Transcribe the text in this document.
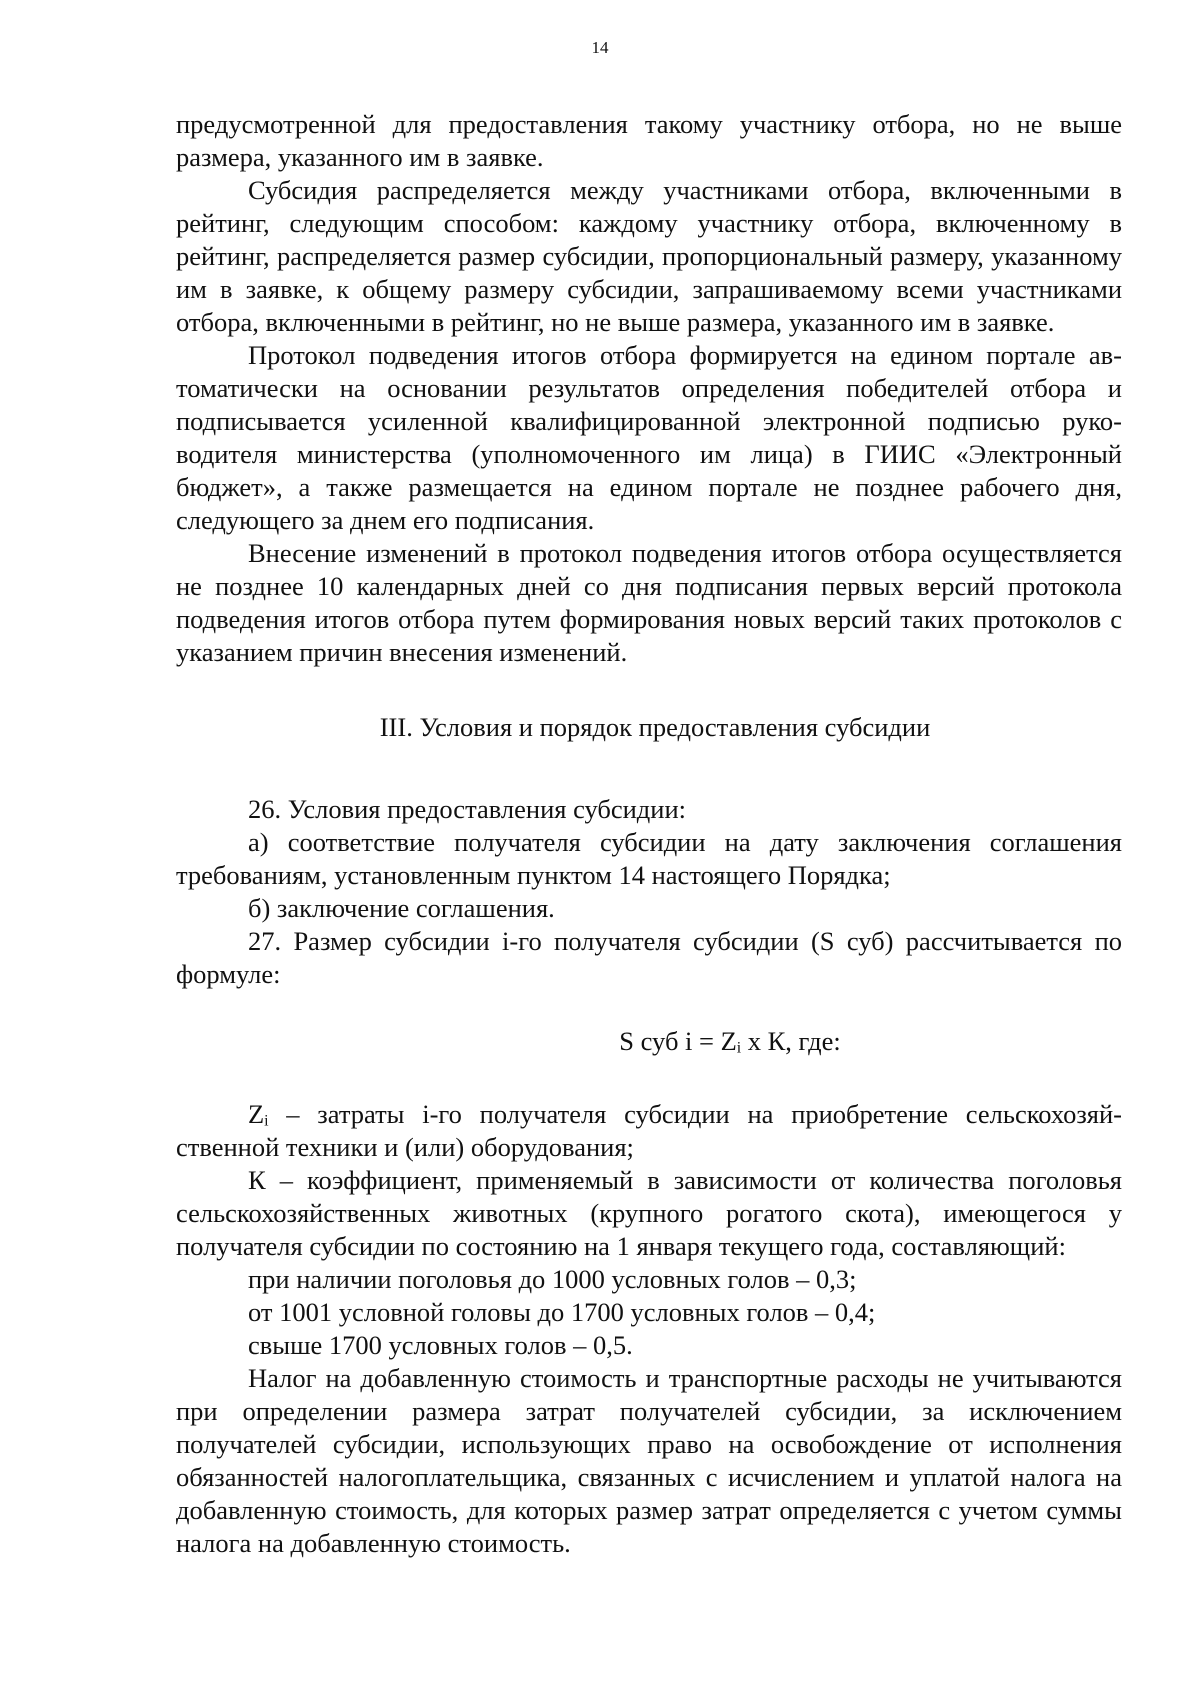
14

предусмотренной для предоставления такому участнику отбора, но не выше размера, указанного им в заявке.

Субсидия распределяется между участниками отбора, включенными в рейтинг, следующим способом: каждому участнику отбора, включенному в рейтинг, распределяется размер субсидии, пропорциональный размеру, указанному им в заявке, к общему размеру субсидии, запрашиваемому всеми участниками отбора, включенными в рейтинг, но не выше размера, указанного им в заявке.

Протокол подведения итогов отбора формируется на едином портале автоматически на основании результатов определения победителей отбора и подписывается усиленной квалифицированной электронной подписью руководителя министерства (уполномоченного им лица) в ГИИС «Электронный бюджет», а также размещается на едином портале не позднее рабочего дня, следующего за днем его подписания.

Внесение изменений в протокол подведения итогов отбора осуществляется не позднее 10 календарных дней со дня подписания первых версий протокола подведения итогов отбора путем формирования новых версий таких протоколов с указанием причин внесения изменений.

III. Условия и порядок предоставления субсидии

26. Условия предоставления субсидии:

а) соответствие получателя субсидии на дату заключения соглашения требованиям, установленным пунктом 14 настоящего Порядка;

б) заключение соглашения.

27. Размер субсидии i-го получателя субсидии (S суб) рассчитывается по формуле:

S суб i = Zᵢ x К, где:

Zᵢ – затраты i-го получателя субсидии на приобретение сельскохозяйственной техники и (или) оборудования;

К – коэффициент, применяемый в зависимости от количества поголовья сельскохозяйственных животных (крупного рогатого скота), имеющегося у получателя субсидии по состоянию на 1 января текущего года, составляющий:

при наличии поголовья до 1000 условных голов – 0,3;

от 1001 условной головы до 1700 условных голов – 0,4;

свыше 1700 условных голов – 0,5.

Налог на добавленную стоимость и транспортные расходы не учитываются при определении размера затрат получателей субсидии, за исключением получателей субсидии, использующих право на освобождение от исполнения обязанностей налогоплательщика, связанных с исчислением и уплатой налога на добавленную стоимость, для которых размер затрат определяется с учетом суммы налога на добавленную стоимость.
